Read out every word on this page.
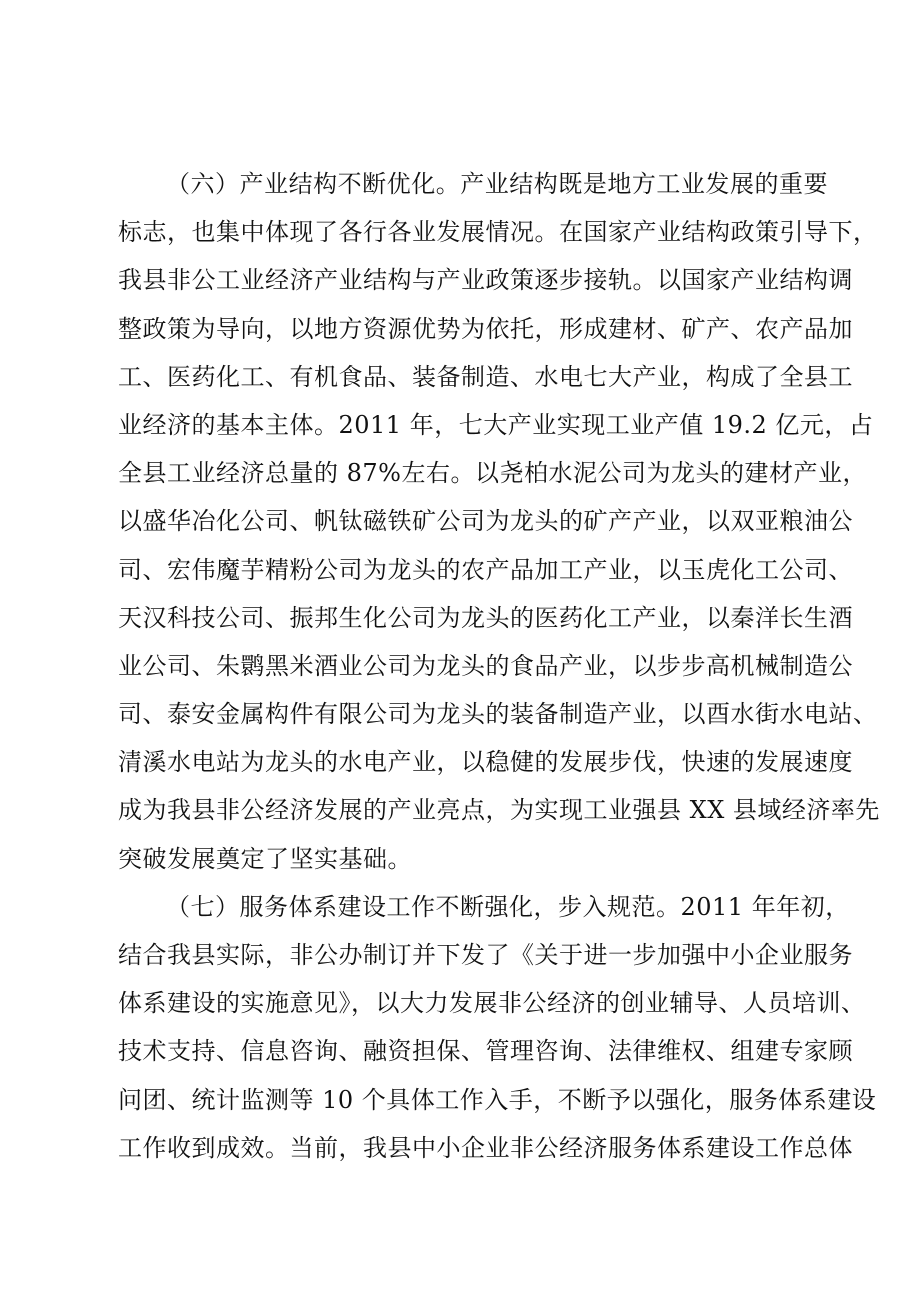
（六）产业结构不断优化。产业结构既是地方工业发展的重要
标志，也集中体现了各行各业发展情况。在国家产业结构政策引导下，
我县非公工业经济产业结构与产业政策逐步接轨。以国家产业结构调
整政策为导向，以地方资源优势为依托，形成建材、矿产、农产品加
工、医药化工、有机食品、装备制造、水电七大产业，构成了全县工
业经济的基本主体。2011 年，七大产业实现工业产值 19.2 亿元，占
全县工业经济总量的 87%左右。以尧柏水泥公司为龙头的建材产业，
以盛华冶化公司、帆钛磁铁矿公司为龙头的矿产产业，以双亚粮油公
司、宏伟魔芋精粉公司为龙头的农产品加工产业，以玉虎化工公司、
天汉科技公司、振邦生化公司为龙头的医药化工产业，以秦洋长生酒
业公司、朱鹮黑米酒业公司为龙头的食品产业，以步步高机械制造公
司、泰安金属构件有限公司为龙头的装备制造产业，以酉水街水电站、
清溪水电站为龙头的水电产业，以稳健的发展步伐，快速的发展速度
成为我县非公经济发展的产业亮点，为实现工业强县 XX 县域经济率先
突破发展奠定了坚实基础。
（七）服务体系建设工作不断强化，步入规范。2011 年年初，
结合我县实际，非公办制订并下发了《关于进一步加强中小企业服务
体系建设的实施意见》，以大力发展非公经济的创业辅导、人员培训、
技术支持、信息咨询、融资担保、管理咨询、法律维权、组建专家顾
问团、统计监测等 10 个具体工作入手，不断予以强化，服务体系建设
工作收到成效。当前，我县中小企业非公经济服务体系建设工作总体
